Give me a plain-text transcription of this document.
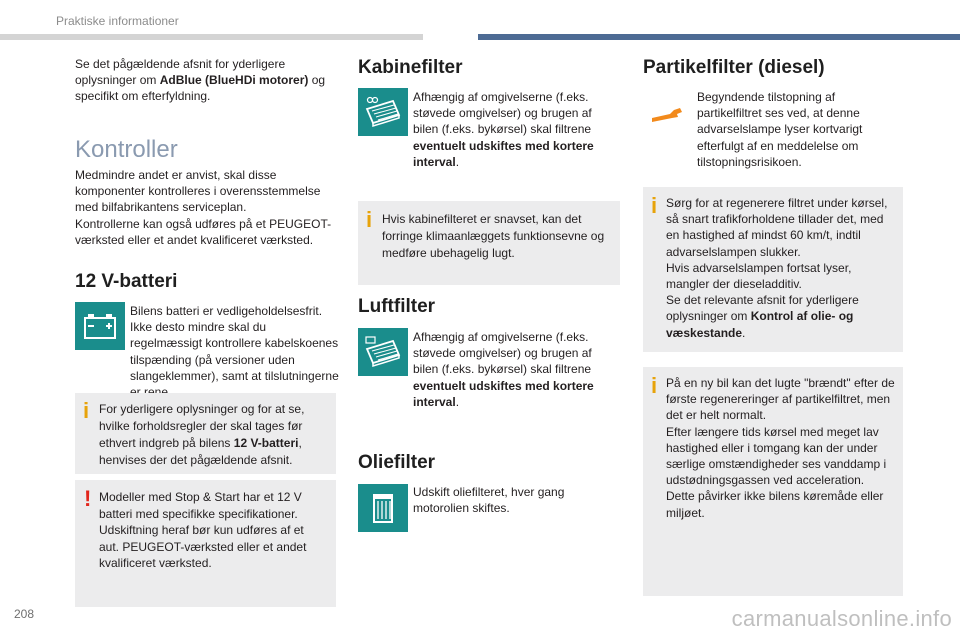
Praktiske informationer
Se det pågældende afsnit for yderligere oplysninger om AdBlue (BlueHDi motorer) og specifikt om efterfyldning.
Kontroller
Medmindre andet er anvist, skal disse komponenter kontrolleres i overensstemmelse med bilfabrikantens serviceplan.
Kontrollerne kan også udføres på et PEUGEOT-værksted eller et andet kvalificeret værksted.
12 V-batteri
Bilens batteri er vedligeholdelsesfrit. Ikke desto mindre skal du regelmæssigt kontrollere kabelskoenes tilspænding (på versioner uden slangeklemmer), samt at tilslutningerne
i For yderligere oplysninger og for at se, hvilke forholdsregler der skal tages før ethvert indgreb på bilens 12 V-batteri, henvises der det pågældende afsnit.
! Modeller med Stop & Start har et 12 V batteri med specifikke specifikationer. Udskiftning heraf bør kun udføres af et aut. PEUGEOT-værksted eller et andet kvalificeret værksted.
Kabinefilter
Afhængig af omgivelserne (f.eks. støvede omgivelser) og brugen af bilen (f.eks. bykørsel) skal filtrene eventuelt udskiftes med kortere interval.
i Hvis kabinefilteret er snavset, kan det forringe klimaanlæggets funktionsevne og medføre ubehagelig lugt.
Luftfilter
Afhængig af omgivelserne (f.eks. støvede omgivelser) og brugen af bilen (f.eks. bykørsel) skal filtrene eventuelt udskiftes med kortere interval.
Oliefilter
Udskift oliefilteret, hver gang motorolien skiftes.
Partikelfilter (diesel)
Begyndende tilstopning af partikelfiltret ses ved, at denne advarselslampe lyser kortvarigt efterfulgt af en meddelelse om tilstopningsrisikoen.
i Sørg for at regenerere filtret under kørsel, så snart trafikforholdene tillader det, med en hastighed af mindst 60 km/t, indtil advarselslampen slukker.
Hvis advarselslampen fortsat lyser, mangler der dieseladditiv.
Se det relevante afsnit for yderligere oplysninger om Kontrol af olie- og væskestande.
i På en ny bil kan det lugte "brændt" efter de første regenereringer af partikelfiltret, men det er helt normalt.
Efter længere tids kørsel med meget lav hastighed eller i tomgang kan der under særlige omstændigheder ses vanddamp i udstødningsgassen ved acceleration.
Dette påvirker ikke bilens køremåde eller miljøet.
208	carmanualsonline.info
